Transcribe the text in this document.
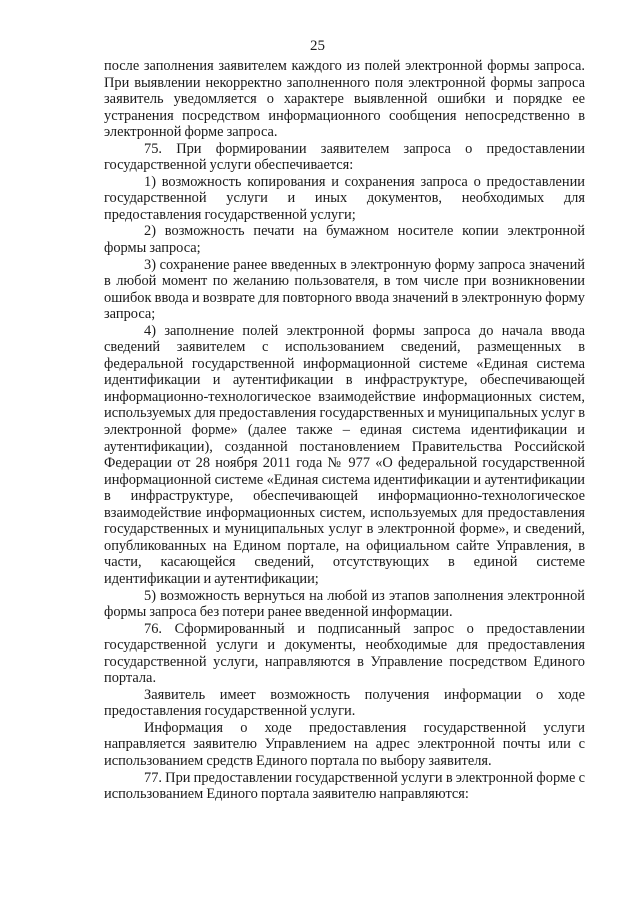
25

после заполнения заявителем каждого из полей электронной формы запроса. При выявлении некорректно заполненного поля электронной формы запроса заявитель уведомляется о характере выявленной ошибки и порядке ее устранения посредством информационного сообщения непосредственно в электронной форме запроса.

75. При формировании заявителем запроса о предоставлении государственной услуги обеспечивается:

1) возможность копирования и сохранения запроса о предоставлении государственной услуги и иных документов, необходимых для предоставления государственной услуги;

2) возможность печати на бумажном носителе копии электронной формы запроса;

3) сохранение ранее введенных в электронную форму запроса значений в любой момент по желанию пользователя, в том числе при возникновении ошибок ввода и возврате для повторного ввода значений в электронную форму запроса;

4) заполнение полей электронной формы запроса до начала ввода сведений заявителем с использованием сведений, размещенных в федеральной государственной информационной системе «Единая система идентификации и аутентификации в инфраструктуре, обеспечивающей информационно-технологическое взаимодействие информационных систем, используемых для предоставления государственных и муниципальных услуг в электронной форме» (далее также – единая система идентификации и аутентификации), созданной постановлением Правительства Российской Федерации от 28 ноября 2011 года № 977 «О федеральной государственной информационной системе «Единая система идентификации и аутентификации в инфраструктуре, обеспечивающей информационно-технологическое взаимодействие информационных систем, используемых для предоставления государственных и муниципальных услуг в электронной форме», и сведений, опубликованных на Едином портале, на официальном сайте Управления, в части, касающейся сведений, отсутствующих в единой системе идентификации и аутентификации;

5) возможность вернуться на любой из этапов заполнения электронной формы запроса без потери ранее введенной информации.

76. Сформированный и подписанный запрос о предоставлении государственной услуги и документы, необходимые для предоставления государственной услуги, направляются в Управление посредством Единого портала.

Заявитель имеет возможность получения информации о ходе предоставления государственной услуги.

Информация о ходе предоставления государственной услуги направляется заявителю Управлением на адрес электронной почты или с использованием средств Единого портала по выбору заявителя.

77. При предоставлении государственной услуги в электронной форме с использованием Единого портала заявителю направляются:
